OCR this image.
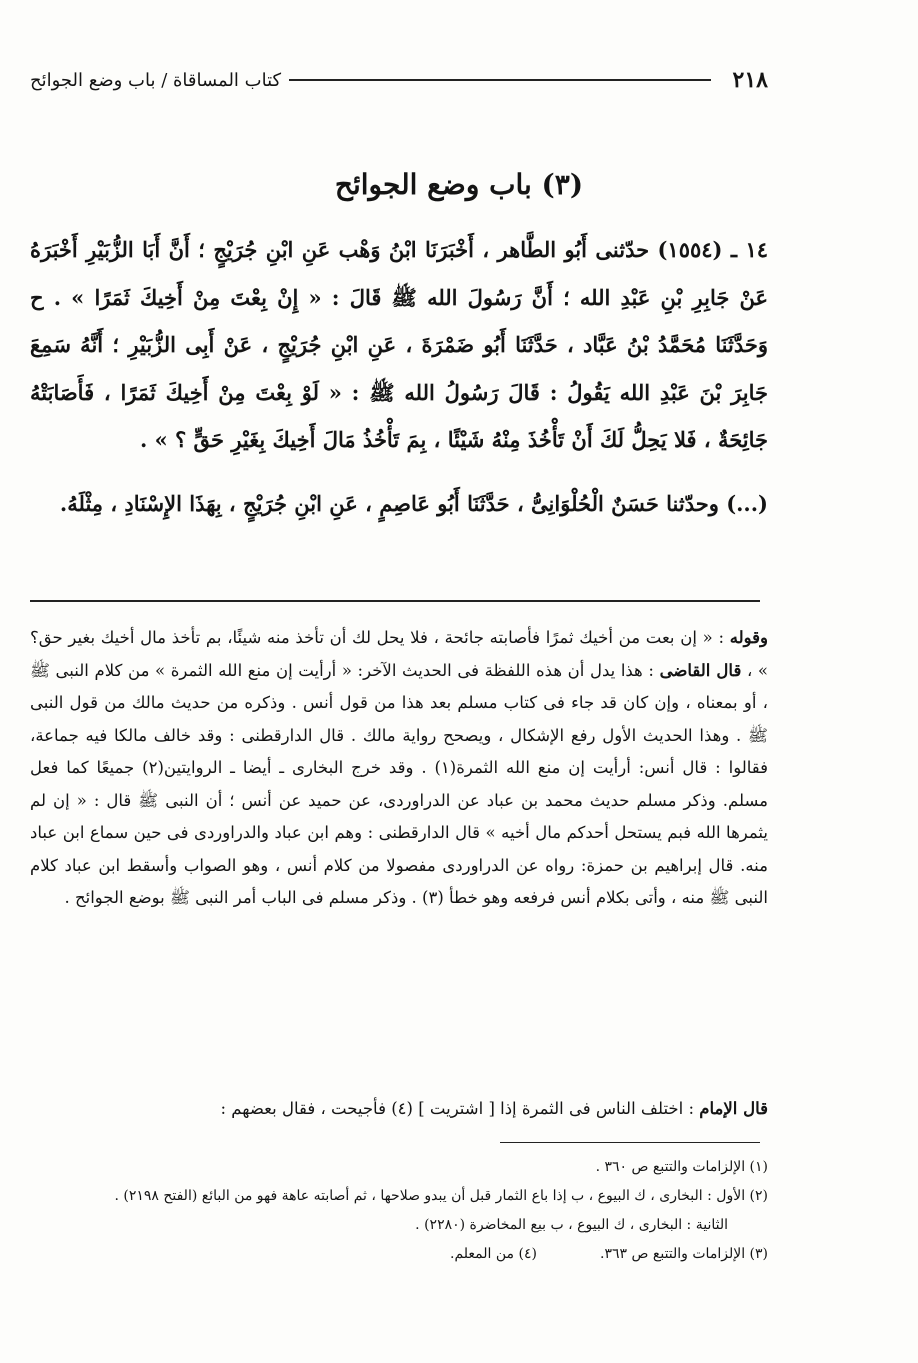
٢١٨
كتاب المساقاة / باب وضع الجوائح
(٣) باب وضع الجوائح

١٤ ـ (١٥٥٤) حدّثنى أَبُو الطَّاهر ، أَخْبَرَنَا ابْنُ وَهْب عَنِ ابْنِ جُرَيْجٍ ؛ أَنَّ أَبَا الزُّبَيْرِ أَخْبَرَهُ عَنْ جَابِرِ بْنِ عَبْدِ الله ؛ أَنَّ رَسُولَ الله ﷺ قَالَ : « إِنْ بِعْتَ مِنْ أَخِيكَ ثَمَرًا » . ح وَحَدَّثَنَا مُحَمَّدُ بْنُ عَبَّاد ، حَدَّثَنَا أَبُو ضَمْرَةَ ، عَنِ ابْنِ جُرَيْجٍ ، عَنْ أَبِى الزُّبَيْرِ ؛ أَنَّهُ سَمِعَ جَابِرَ بْنَ عَبْدِ الله يَقُولُ : قَالَ رَسُولُ الله ﷺ : « لَوْ بِعْتَ مِنْ أَخِيكَ ثَمَرًا ، فَأَصَابَتْهُ جَائِحَةٌ ، فَلا يَحِلُّ لَكَ أَنْ تَأْخُذَ مِنْهُ شَيْئًا ، بِمَ تَأْخُذُ مَالَ أَخِيكَ بِغَيْرِ حَقٍّ ؟ » .

(...) وحدّثنا حَسَنٌ الْحُلْوَانِىُّ ، حَدَّثَنَا أَبُو عَاصِمٍ ، عَنِ ابْنِ جُرَيْجٍ ، بِهَذَا الإِسْنَادِ ، مِثْلَهُ.

وقوله : « إن بعت من أخيك ثمرًا فأصابته جائحة ، فلا يحل لك أن تأخذ منه شيئًا، بم تأخذ مال أخيك بغير حق؟ » ، قال القاضى : هذا يدل أن هذه اللفظة فى الحديث الآخر: « أرأيت إن منع الله الثمرة » من كلام النبى ﷺ ، أو بمعناه ، وإن كان قد جاء فى كتاب مسلم بعد هذا من قول أنس . وذكره من حديث مالك من قول النبى ﷺ . وهذا الحديث الأول رفع الإشكال ، ويصحح رواية مالك . قال الدارقطنى : وقد خالف مالكا فيه جماعة، فقالوا : قال أنس: أرأيت إن منع الله الثمرة(١) . وقد خرج البخارى ـ أيضا ـ الروايتين(٢) جميعًا كما فعل مسلم. وذكر مسلم حديث محمد بن عباد عن الدراوردى، عن حميد عن أنس ؛ أن النبى ﷺ قال : « إن لم يثمرها الله فبم يستحل أحدكم مال أخيه » قال الدارقطنى : وهم ابن عباد والدراوردى فى حين سماع ابن عباد منه. قال إبراهيم بن حمزة: رواه عن الدراوردى مفصولا من كلام أنس ، وهو الصواب وأسقط ابن عباد كلام النبى ﷺ منه ، وأتى بكلام أنس فرفعه وهو خطأ (٣) . وذكر مسلم فى الباب أمر النبى ﷺ بوضع الجوائح .

قال الإمام : اختلف الناس فى الثمرة إذا [ اشتريت ] (٤) فأجيحت ، فقال بعضهم :

(١) الإلزامات والتتبع ص ٣٦٠ .

(٢) الأول : البخارى ، ك البيوع ، ب إذا باع الثمار قبل أن يبدو صلاحها ، ثم أصابته عاهة فهو من البائع (الفتح ٢١٩٨) .

الثانية : البخارى ، ك البيوع ، ب بيع المخاضرة (٢٢٨٠) .

(٣) الإلزامات والتتبع ص ٣٦٣.
(٤) من المعلم.
